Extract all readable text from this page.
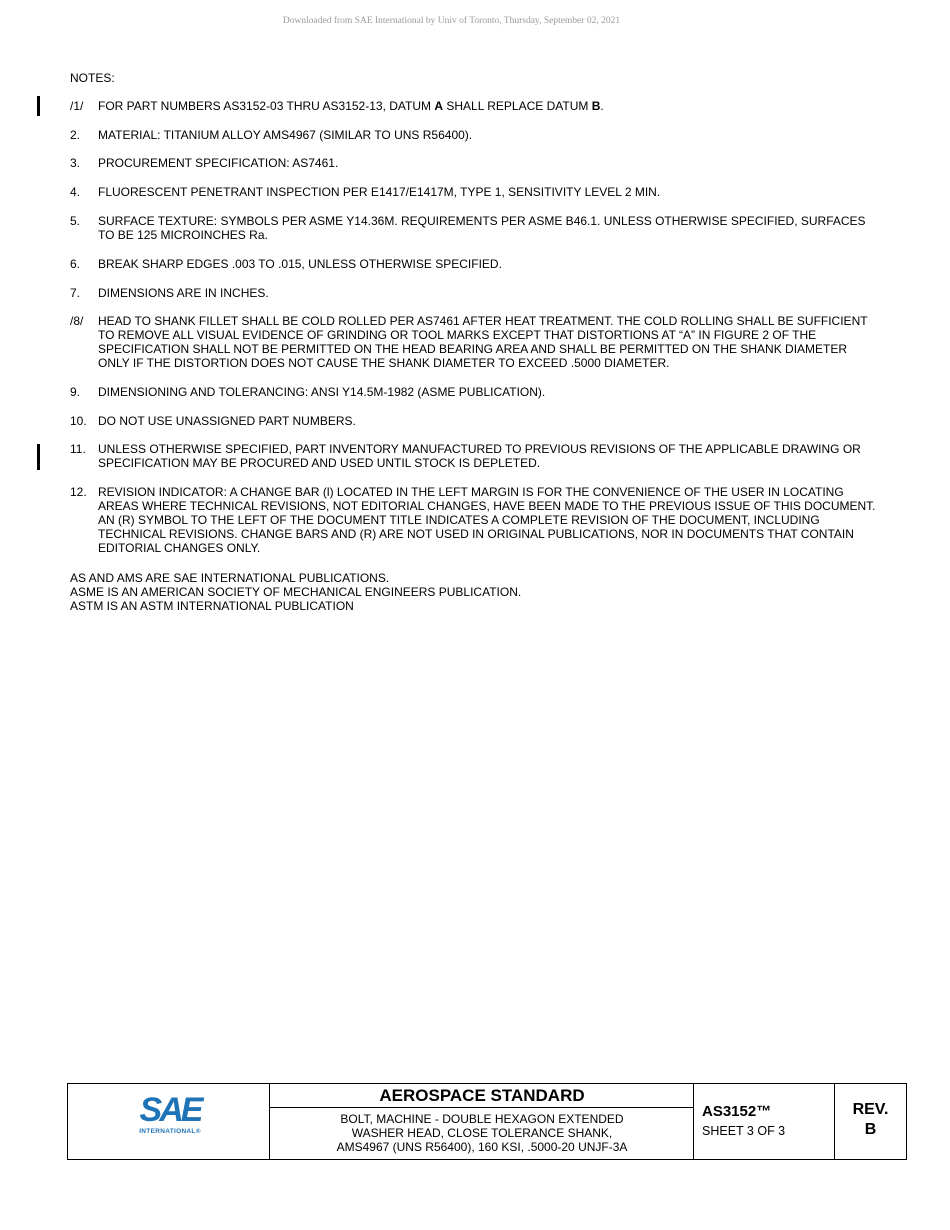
Downloaded from SAE International by Univ of Toronto, Thursday, September 02, 2021
NOTES:
/1/ FOR PART NUMBERS AS3152-03 THRU AS3152-13, DATUM A SHALL REPLACE DATUM B.
2. MATERIAL: TITANIUM ALLOY AMS4967 (SIMILAR TO UNS R56400).
3. PROCUREMENT SPECIFICATION: AS7461.
4. FLUORESCENT PENETRANT INSPECTION PER E1417/E1417M, TYPE 1, SENSITIVITY LEVEL 2 MIN.
5. SURFACE TEXTURE: SYMBOLS PER ASME Y14.36M. REQUIREMENTS PER ASME B46.1. UNLESS OTHERWISE SPECIFIED, SURFACES TO BE 125 MICROINCHES Ra.
6. BREAK SHARP EDGES .003 TO .015, UNLESS OTHERWISE SPECIFIED.
7. DIMENSIONS ARE IN INCHES.
/8/ HEAD TO SHANK FILLET SHALL BE COLD ROLLED PER AS7461 AFTER HEAT TREATMENT. THE COLD ROLLING SHALL BE SUFFICIENT TO REMOVE ALL VISUAL EVIDENCE OF GRINDING OR TOOL MARKS EXCEPT THAT DISTORTIONS AT “A” IN FIGURE 2 OF THE SPECIFICATION SHALL NOT BE PERMITTED ON THE HEAD BEARING AREA AND SHALL BE PERMITTED ON THE SHANK DIAMETER ONLY IF THE DISTORTION DOES NOT CAUSE THE SHANK DIAMETER TO EXCEED .5000 DIAMETER.
9. DIMENSIONING AND TOLERANCING: ANSI Y14.5M-1982 (ASME PUBLICATION).
10. DO NOT USE UNASSIGNED PART NUMBERS.
11. UNLESS OTHERWISE SPECIFIED, PART INVENTORY MANUFACTURED TO PREVIOUS REVISIONS OF THE APPLICABLE DRAWING OR SPECIFICATION MAY BE PROCURED AND USED UNTIL STOCK IS DEPLETED.
12. REVISION INDICATOR: A CHANGE BAR (l) LOCATED IN THE LEFT MARGIN IS FOR THE CONVENIENCE OF THE USER IN LOCATING AREAS WHERE TECHNICAL REVISIONS, NOT EDITORIAL CHANGES, HAVE BEEN MADE TO THE PREVIOUS ISSUE OF THIS DOCUMENT. AN (R) SYMBOL TO THE LEFT OF THE DOCUMENT TITLE INDICATES A COMPLETE REVISION OF THE DOCUMENT, INCLUDING TECHNICAL REVISIONS. CHANGE BARS AND (R) ARE NOT USED IN ORIGINAL PUBLICATIONS, NOR IN DOCUMENTS THAT CONTAIN EDITORIAL CHANGES ONLY.
AS AND AMS ARE SAE INTERNATIONAL PUBLICATIONS.
ASME IS AN AMERICAN SOCIETY OF MECHANICAL ENGINEERS PUBLICATION.
ASTM IS AN ASTM INTERNATIONAL PUBLICATION
SAE
INTERNATIONAL®
AEROSPACE STANDARD
BOLT, MACHINE - DOUBLE HEXAGON EXTENDED
WASHER HEAD, CLOSE TOLERANCE SHANK,
AMS4967 (UNS R56400), 160 KSI, .5000-20 UNJF-3A
AS3152™
SHEET 3 OF 3
REV.
B
